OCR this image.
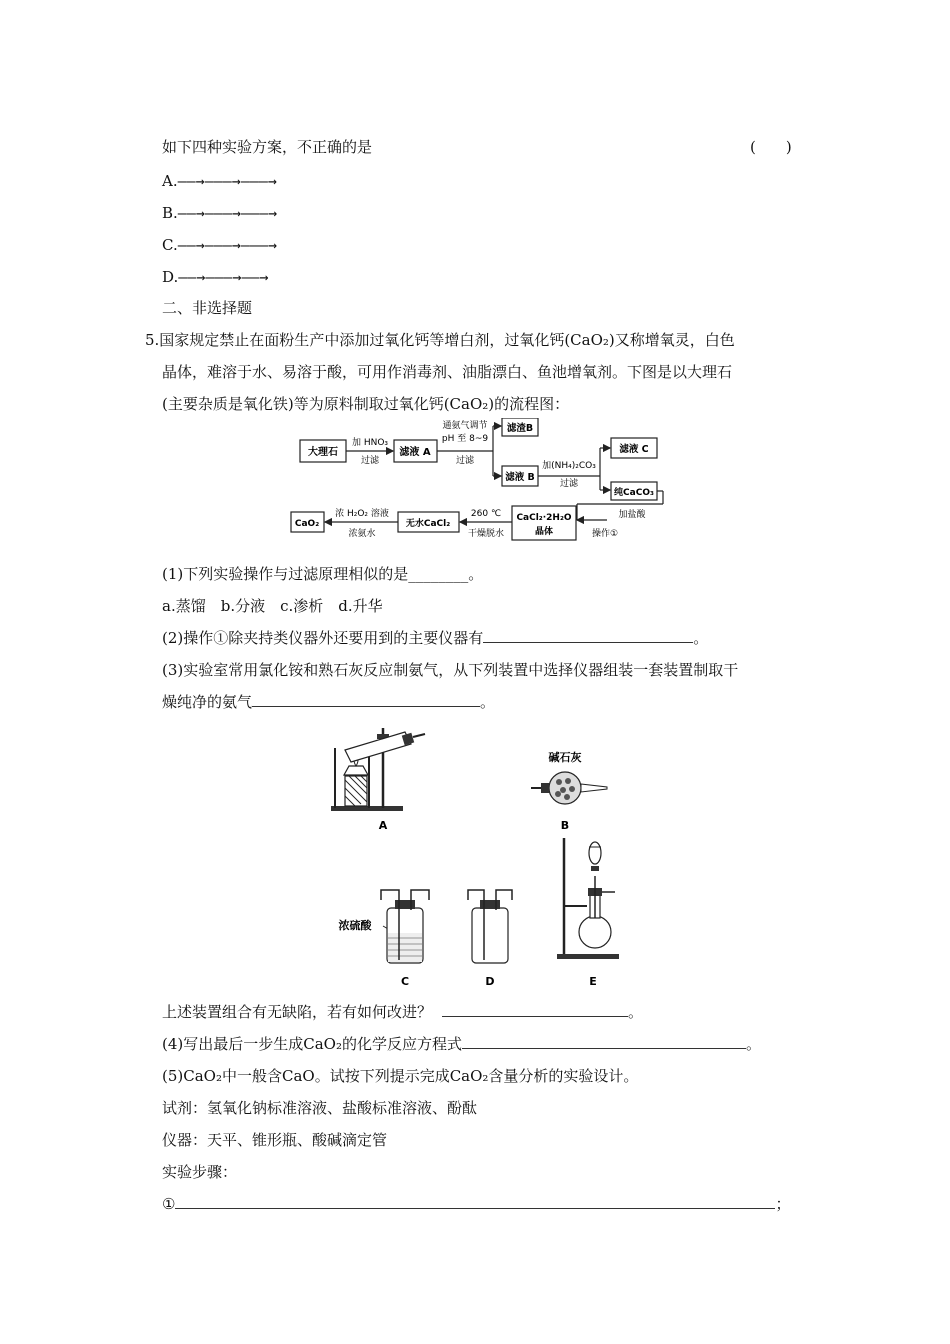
如下四种实验方案，不正确的是	(　　)
A.——→———→———→
B.——→———→———→
C.——→———→———→
D.——→———→——→
二、非选择题
5.国家规定禁止在面粉生产中添加过氧化钙等增白剂，过氧化钙(CaO₂)又称增氧灵，白色
晶体，难溶于水、易溶于酸，可用作消毒剂、油脂漂白、鱼池增氧剂。下图是以大理石
(主要杂质是氧化铁)等为原料制取过氧化钙(CaO₂)的流程图：
大理石
加 HNO₃
过滤
滤液 A
通氨气调节
pH 至 8~9
过滤
滤渣B
滤液 B
加(NH₄)₂CO₃
过滤
滤液 C
纯CaCO₃
加盐酸
操作①
CaCl₂·2H₂O
晶体
260 ℃
干燥脱水
无水CaCl₂
浓 H₂O₂ 溶液
浓氨水
CaO₂
(1)下列实验操作与过滤原理相似的是________。
a.蒸馏　b.分液　c.渗析　d.升华
(2)操作①除夹持类仪器外还要用到的主要仪器有	。
(3)实验室常用氯化铵和熟石灰反应制氨气，从下列装置中选择仪器组装一套装置制取干
燥纯净的氨气	。
A
碱石灰
B
浓硫酸
C	D	E
上述装置组合有无缺陷，若有如何改进？	。
(4)写出最后一步生成CaO₂的化学反应方程式	。
(5)CaO₂中一般含CaO。试按下列提示完成CaO₂含量分析的实验设计。
试剂：氢氧化钠标准溶液、盐酸标准溶液、酚酞
仪器：天平、锥形瓶、酸碱滴定管
实验步骤：
①	；
